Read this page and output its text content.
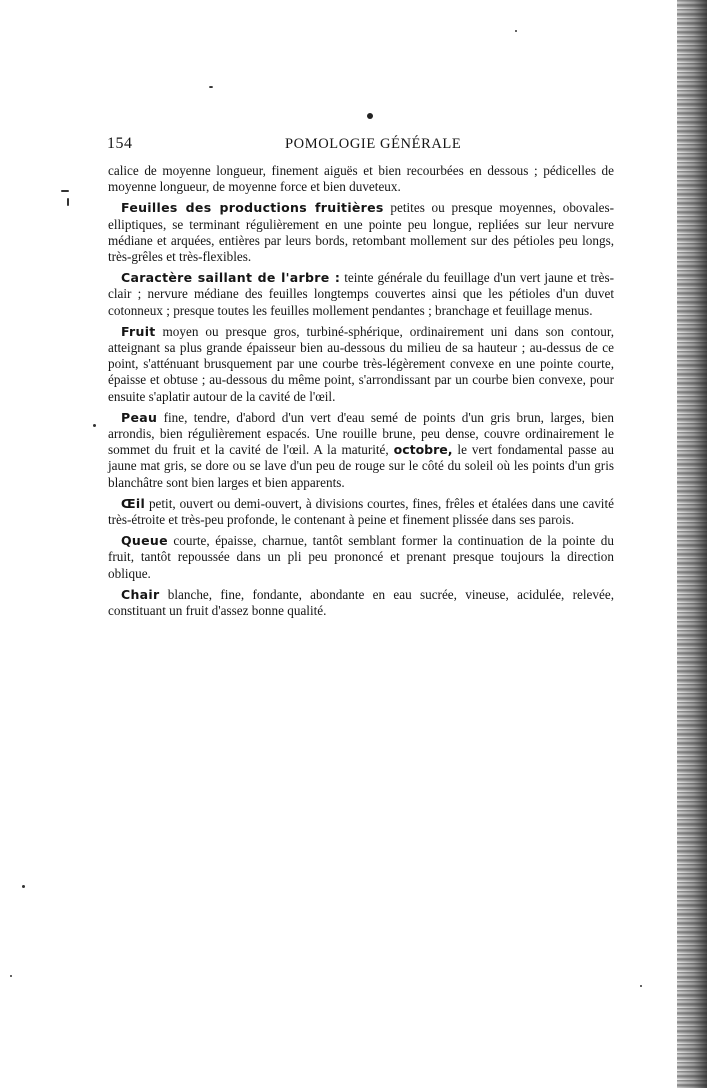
154	POMOLOGIE GÉNÉRALE

calice de moyenne longueur, finement aiguës et bien recourbées en dessous ; pédicelles de moyenne longueur, de moyenne force et bien duveteux.

Feuilles des productions fruitières petites ou presque moyennes, obovales-elliptiques, se terminant régulièrement en une pointe peu longue, repliées sur leur nervure médiane et arquées, entières par leurs bords, retombant mollement sur des pétioles peu longs, très-grêles et très-flexibles.

Caractère saillant de l'arbre : teinte générale du feuillage d'un vert jaune et très-clair ; nervure médiane des feuilles longtemps couvertes ainsi que les pétioles d'un duvet cotonneux ; presque toutes les feuilles mollement pendantes ; branchage et feuillage menus.

Fruit moyen ou presque gros, turbiné-sphérique, ordinairement uni dans son contour, atteignant sa plus grande épaisseur bien au-dessous du milieu de sa hauteur ; au-dessus de ce point, s'atténuant brusquement par une courbe très-légèrement convexe en une pointe courte, épaisse et obtuse ; au-dessous du même point, s'arrondissant par un courbe bien convexe, pour ensuite s'aplatir autour de la cavité de l'œil.

Peau fine, tendre, d'abord d'un vert d'eau semé de points d'un gris brun, larges, bien arrondis, bien régulièrement espacés. Une rouille brune, peu dense, couvre ordinairement le sommet du fruit et la cavité de l'œil. A la maturité, octobre, le vert fondamental passe au jaune mat gris, se dore ou se lave d'un peu de rouge sur le côté du soleil où les points d'un gris blanchâtre sont bien larges et bien apparents.

Œil petit, ouvert ou demi-ouvert, à divisions courtes, fines, frêles et étalées dans une cavité très-étroite et très-peu profonde, le contenant à peine et finement plissée dans ses parois.

Queue courte, épaisse, charnue, tantôt semblant former la continuation de la pointe du fruit, tantôt repoussée dans un pli peu prononcé et prenant presque toujours la direction oblique.

Chair blanche, fine, fondante, abondante en eau sucrée, vineuse, acidulée, relevée, constituant un fruit d'assez bonne qualité.
